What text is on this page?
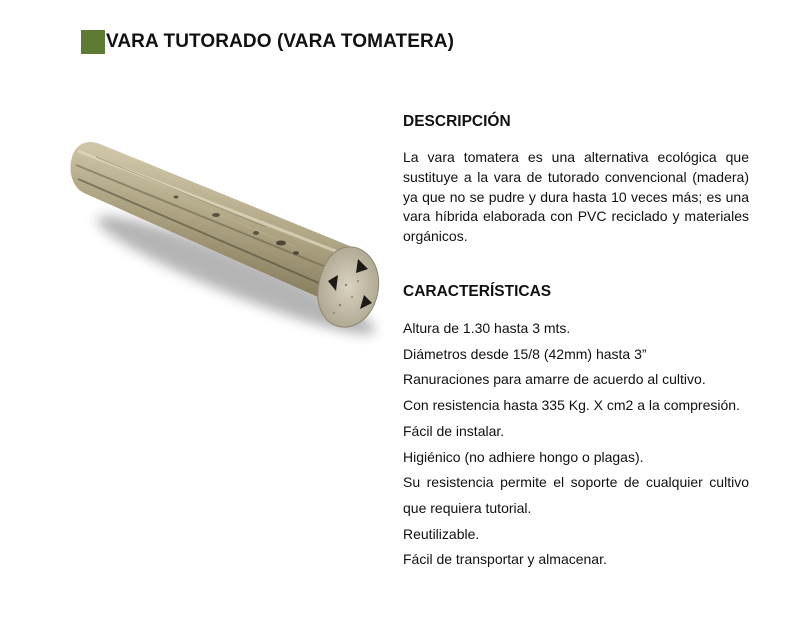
VARA TUTORADO (VARA TOMATERA)
DESCRIPCIÓN

La vara tomatera es una alternativa ecológica que sustituye a la vara de tutorado convencional (madera) ya que no se pudre y dura hasta 10 veces más; es una vara híbrida elaborada con PVC reciclado y materiales orgánicos.

CARACTERÍSTICAS
Altura de 1.30 hasta 3 mts.
Diámetros desde 15/8 (42mm) hasta 3”
Ranuraciones para amarre de acuerdo al cultivo.
Con resistencia hasta 335 Kg. X cm2 a la compresión.
Fácil de instalar.
Higiénico (no adhiere hongo o plagas).
Su resistencia permite el soporte de cualquier cultivo que requiera tutorial.
Reutilizable.
Fácil de transportar y almacenar.
